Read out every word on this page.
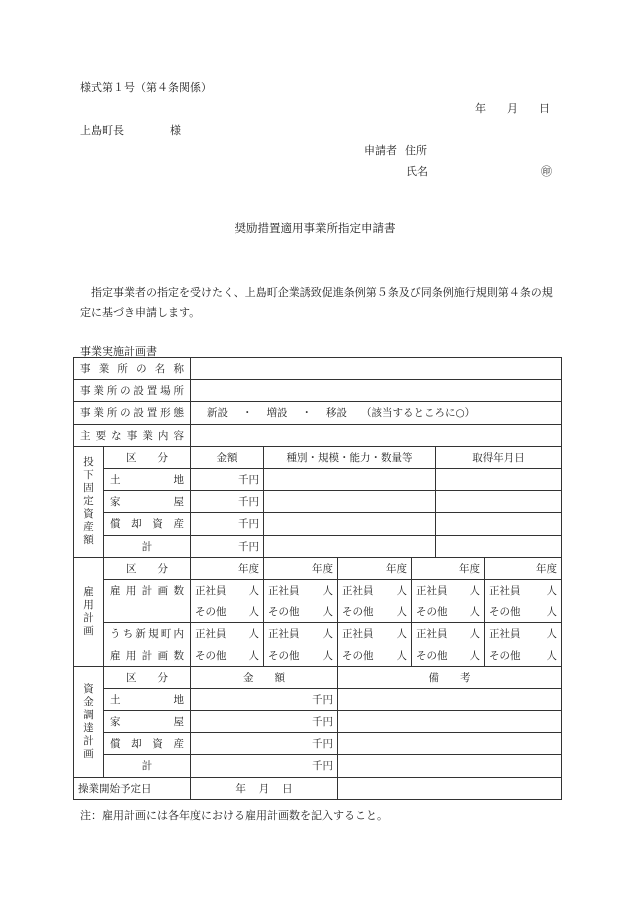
様式第１号（第４条関係）
年 月 日
上島町長	様
申請者 住所
氏名	㊞
奨励措置適用事業所指定申請書
指定事業者の指定を受けたく、上島町企業誘致促進条例第５条及び同条例施行規則第４条の規定に基づき申請します。
事業実施計画書
事業所の名称							
事業所の設置場所							
事業所の設置形態		新設 ・ 増設 ・ 移設 （該当するところに○）					
主要な事業内容							

投下固定資産額	区　　分	金額	種別・規模・能力・数量等			取得年月日	
	土　　　地	千円					
	家　　　屋	千円					
	償却資産	千円					
	計	千円					

雇用計画	区　　分	年度	年度	年度	年度		年度
	雇用計画数	正社員 人	正社員 人	正社員 人	正社員 人		正社員 人

		その他 人	その他 人	その他 人	その他 人		その他 人

	うち新規町内	正社員 人	正社員 人	正社員 人	正社員 人		正社員 人

	雇用計画数	その他 人	その他 人	その他 人	その他 人		その他 人

資金調達計画	区　　分	金　　額		備　　考			
	土　　　地	千円					
	家　　　屋	千円					
	償却資産	千円					
	計	千円					
操業開始予定日		年 月 日					

注：雇用計画には各年度における雇用計画数を記入すること。
